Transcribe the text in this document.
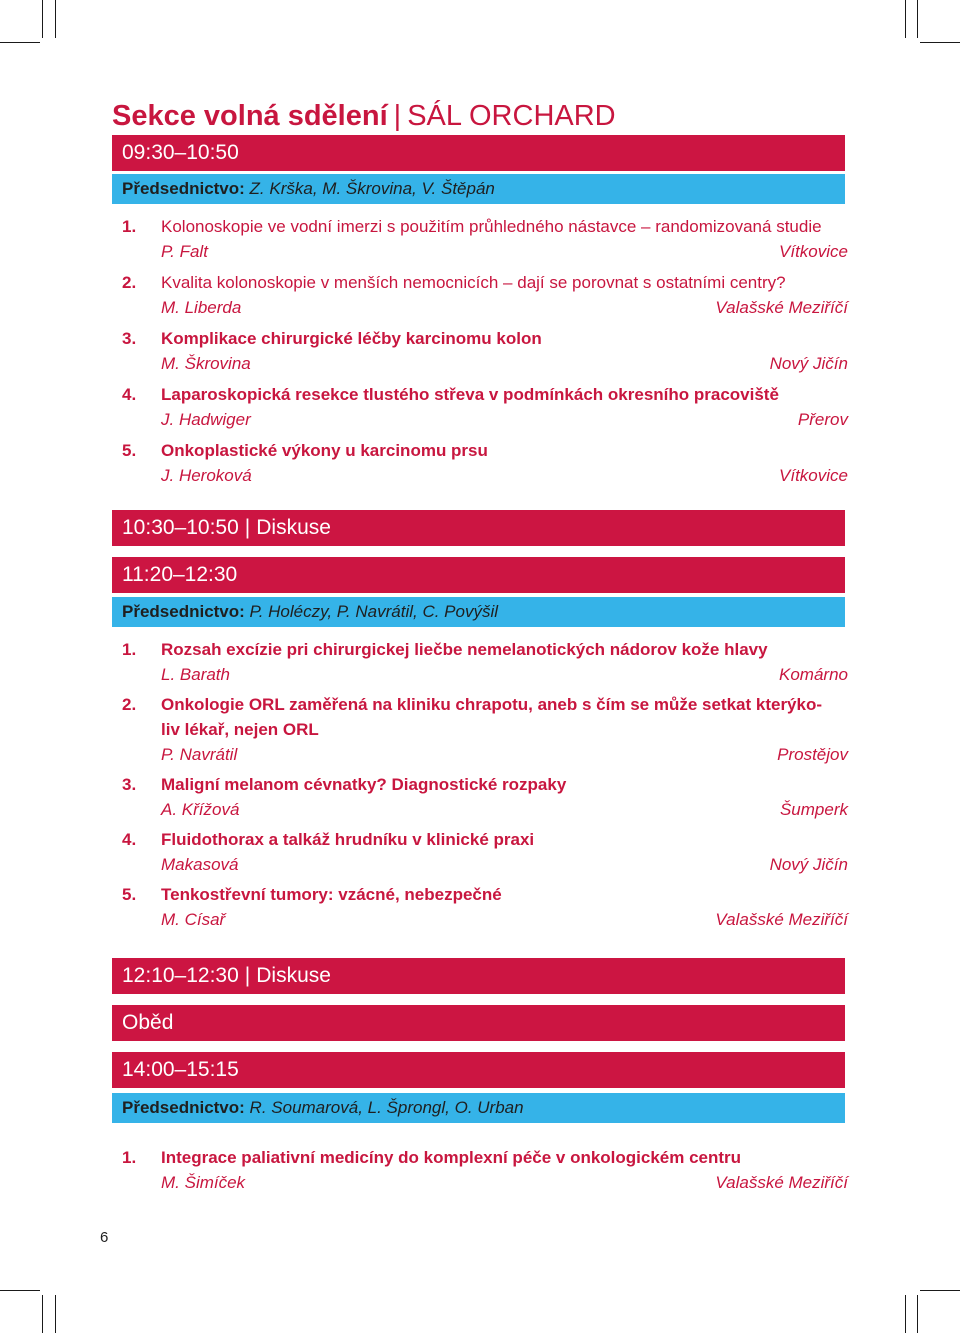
Sekce volná sdělení | SÁL ORCHARD
09:30–10:50
Předsednictvo: Z. Krška, M. Škrovina, V. Štěpán
1. Kolonoskopie ve vodní imerzi s použitím průhledného nástavce – randomizovaná studie
P. Falt	Vítkovice
2. Kvalita kolonoskopie v menších nemocnicích – dají se porovnat s ostatními centry?
M. Liberda	Valašské Meziříčí
3. Komplikace chirurgické léčby karcinomu kolon
M. Škrovina	Nový Jičín
4. Laparoskopická resekce tlustého střeva v podmínkách okresního pracoviště
J. Hadwiger	Přerov
5. Onkoplastické výkony u karcinomu prsu
J. Heroková	Vítkovice
10:30–10:50 | Diskuse
11:20–12:30
Předsednictvo: P. Holéczy, P. Navrátil, C. Povýšil
1. Rozsah excízie pri chirurgickej liečbe nemelanotických nádorov kože hlavy
L. Barath	Komárno
2. Onkologie ORL zaměřená na kliniku chrapotu, aneb s čím se může setkat kterýko-
liv lékař, nejen ORL
P. Navrátil	Prostějov
3. Maligní melanom cévnatky? Diagnostické rozpaky
A. Křížová	Šumperk
4. Fluidothorax a talkáž hrudníku v klinické praxi
Makasová	Nový Jičín
5. Tenkostřevní tumory: vzácné, nebezpečné
M. Císař	Valašské Meziříčí
12:10–12:30 | Diskuse
Oběd
14:00–15:15
Předsednictvo: R. Soumarová, L. Šprongl, O. Urban
1. Integrace paliativní medicíny do komplexní péče v onkologickém centru
M. Šimíček	Valašské Meziříčí
6
